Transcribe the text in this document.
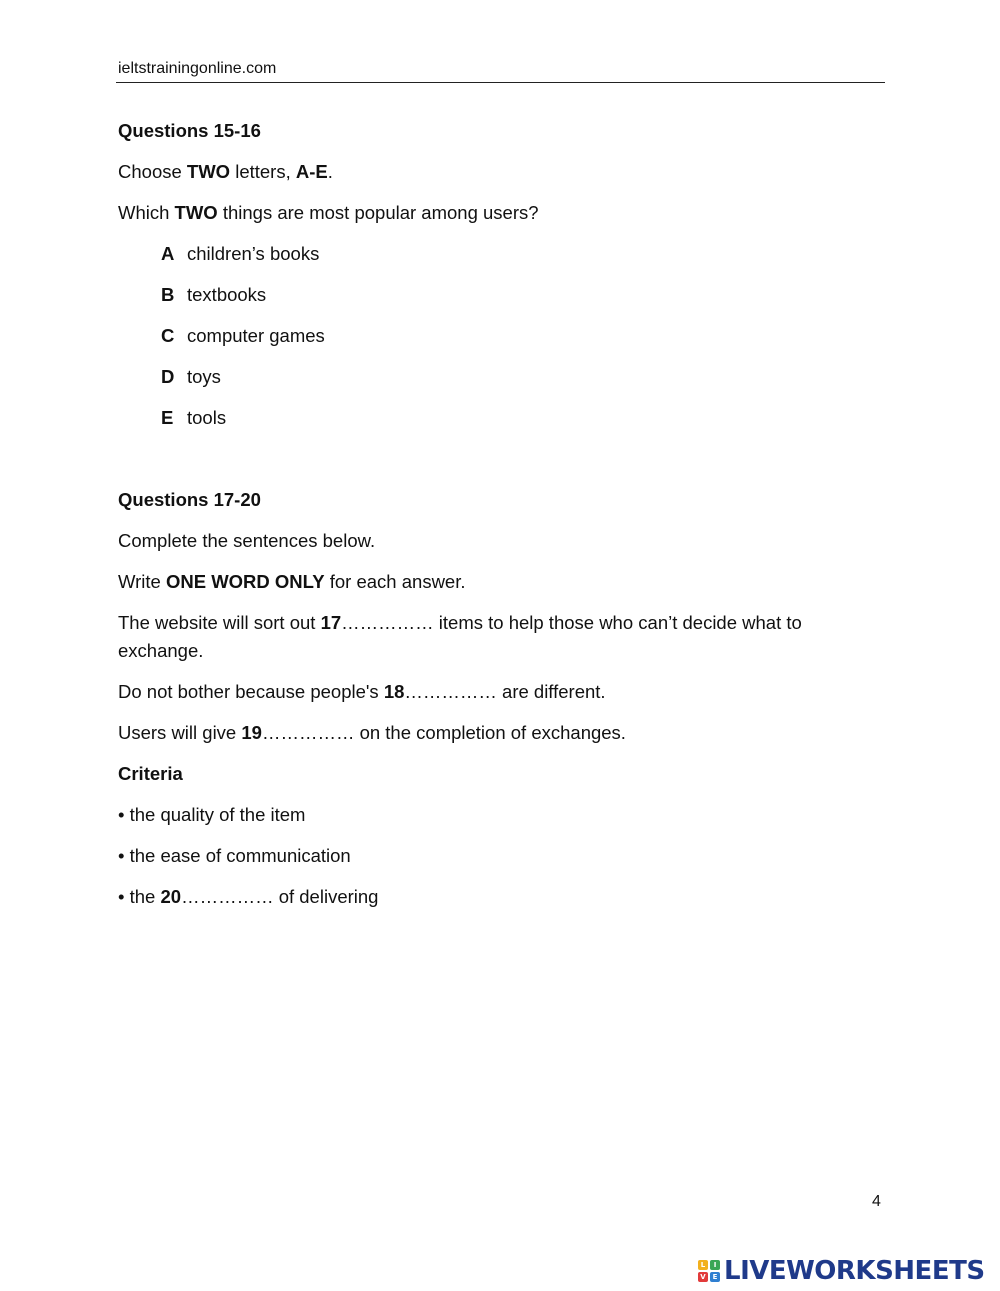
ieltstrainingonline.com
Questions 15-16
Choose TWO letters, A-E.
Which TWO things are most popular among users?
A children’s books
B textbooks
C computer games
D toys
E tools
Questions 17-20
Complete the sentences below.
Write ONE WORD ONLY for each answer.
The website will sort out 17…………… items to help those who can’t decide what to
exchange.
Do not bother because people's 18…………… are different.
Users will give 19…………… on the completion of exchanges.
Criteria
• the quality of the item
• the ease of communication
• the 20…………… of delivering
4
L	I
V E LIVEWORKSHEETS
